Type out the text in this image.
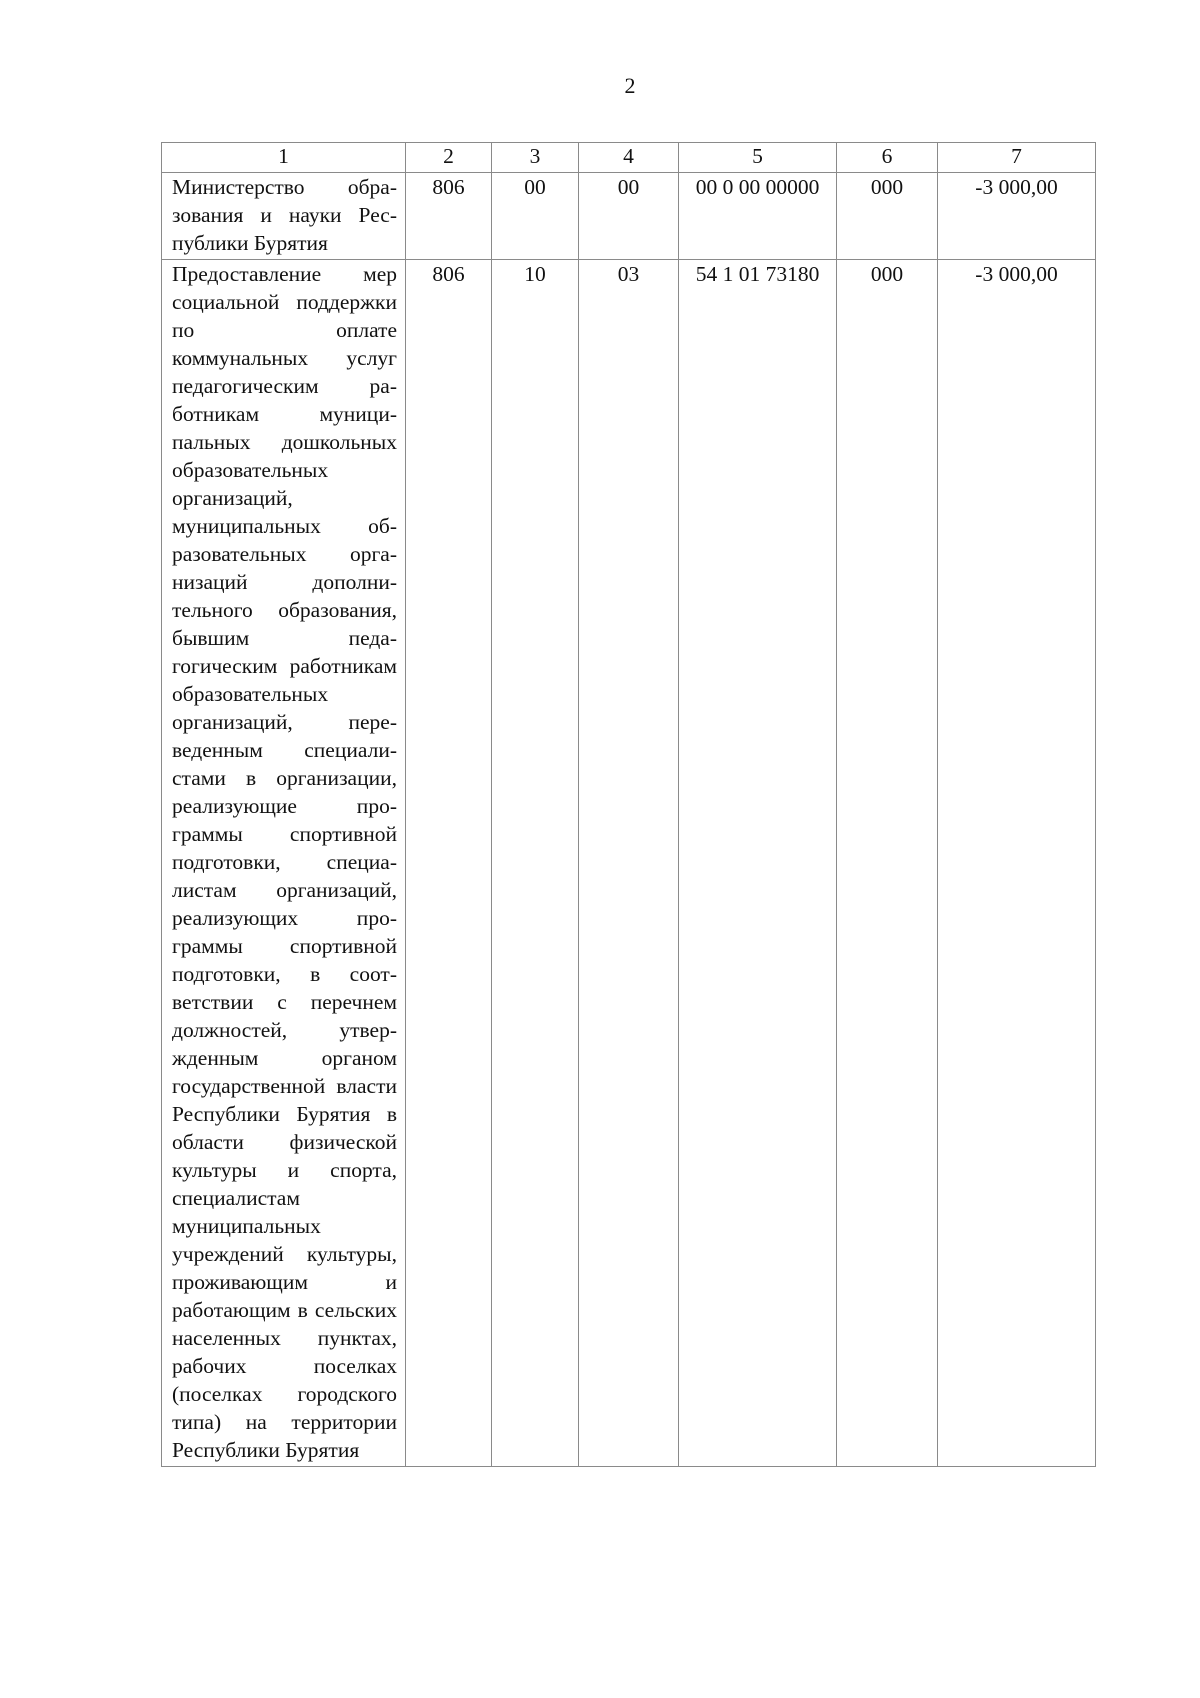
2
1	2	3	4	5	6	7
Министерство образования и науки Республики Бурятия	806	00	00	00 0 00 00000	000	-3 000,00
Предоставление мер социальной поддержки по оплате коммунальных услуг педагогическим работникам муниципальных дошкольных образовательных организаций, муниципальных образовательных организаций дополнительного образования, бывшим педагогическим работникам образовательных организаций, переведенным специалистами в организации, реализующие программы спортивной подготовки, специалистам организаций, реализующих программы спортивной подготовки, в соответствии с перечнем должностей, утвержденным органом государственной власти Республики Бурятия в области физической культуры и спорта, специалистам муниципальных учреждений культуры, проживающим и работающим в сельских населенных пунктах, рабочих поселках (поселках городского типа) на территории Республики Бурятия	806	10	03	54 1 01 73180	000	-3 000,00
